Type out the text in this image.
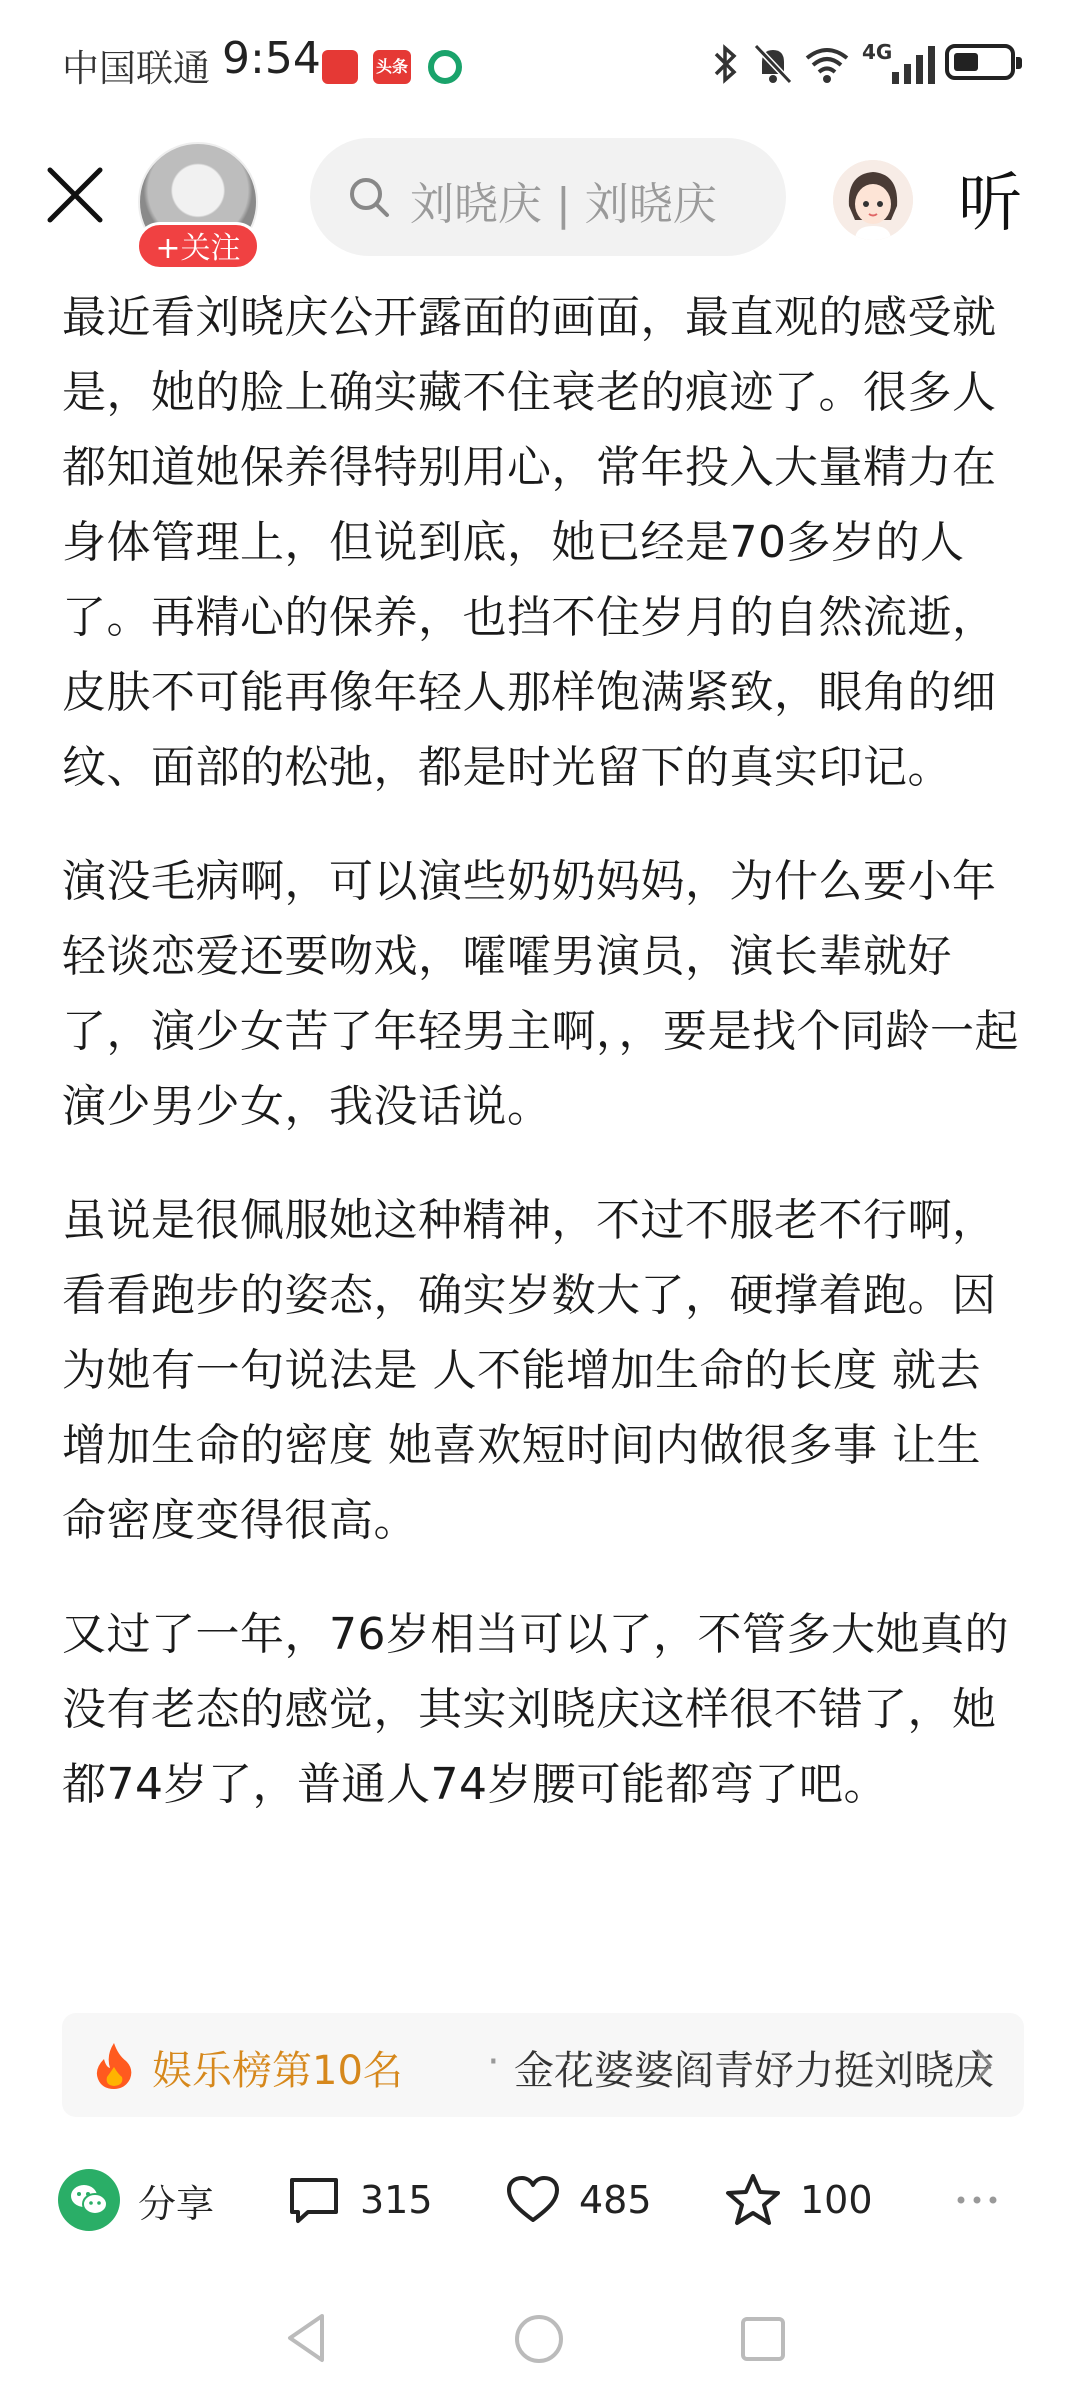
中国联通 9:54	头条
4G
+关注
刘晓庆 | 刘晓庆	听

最近看刘晓庆公开露面的画面，最直观的感受就是，她的脸上确实藏不住衰老的痕迹了。很多人都知道她保养得特别用心，常年投入大量精力在身体管理上，但说到底，她已经是70多岁的人了。再精心的保养，也挡不住岁月的自然流逝，皮肤不可能再像年轻人那样饱满紧致，眼角的细纹、面部的松弛，都是时光留下的真实印记。

演没毛病啊，可以演些奶奶妈妈，为什么要小年轻谈恋爱还要吻戏，嚯嚯男演员，演长辈就好了，演少女苦了年轻男主啊，，要是找个同龄一起演少男少女，我没话说。

虽说是很佩服她这种精神，不过不服老不行啊，看看跑步的姿态，确实岁数大了，硬撑着跑。因为她有一句说法是 人不能增加生命的长度 就去增加生命的密度 她喜欢短时间内做很多事 让生命密度变得很高。

又过了一年，76岁相当可以了，不管多大她真的没有老态的感觉，其实刘晓庆这样很不错了，她都74岁了，普通人74岁腰可能都弯了吧。

娱乐榜第10名 · 金花婆婆阎青妤力挺刘晓庆
分享	315	485	100
